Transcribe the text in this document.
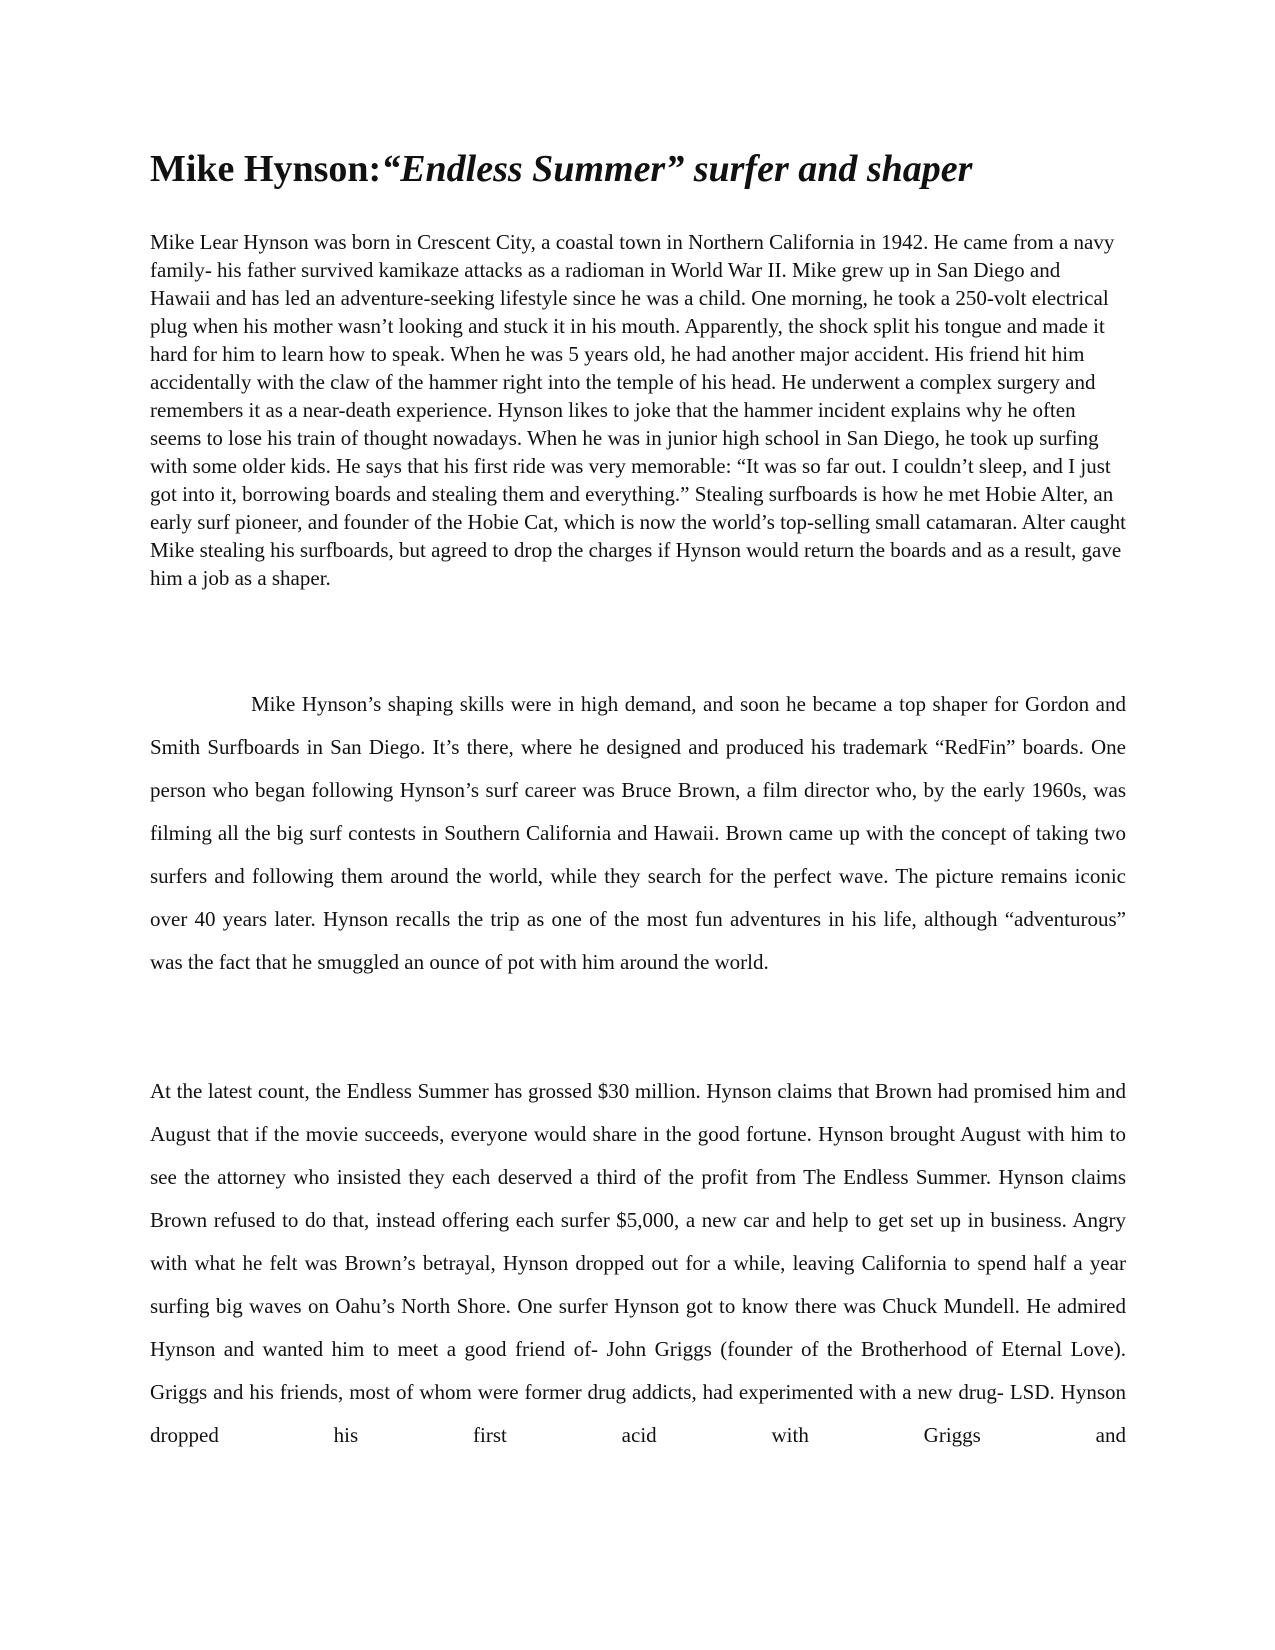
Mike Hynson:“Endless Summer” surfer and shaper

Mike Lear Hynson was born in Crescent City, a coastal town in Northern California in 1942. He came from a navy family- his father survived kamikaze attacks as a radioman in World War II. Mike grew up in San Diego and Hawaii and has led an adventure-seeking lifestyle since he was a child. One morning, he took a 250-volt electrical plug when his mother wasn’t looking and stuck it in his mouth. Apparently, the shock split his tongue and made it hard for him to learn how to speak. When he was 5 years old, he had another major accident. His friend hit him accidentally with the claw of the hammer right into the temple of his head. He underwent a complex surgery and remembers it as a near-death experience. Hynson likes to joke that the hammer incident explains why he often seems to lose his train of thought nowadays. When he was in junior high school in San Diego, he took up surfing with some older kids. He says that his first ride was very memorable: “It was so far out. I couldn’t sleep, and I just got into it, borrowing boards and stealing them and everything.” Stealing surfboards is how he met Hobie Alter, an early surf pioneer, and founder of the Hobie Cat, which is now the world’s top-selling small catamaran. Alter caught Mike stealing his surfboards, but agreed to drop the charges if Hynson would return the boards and as a result, gave him a job as a shaper.

Mike Hynson’s shaping skills were in high demand, and soon he became a top shaper for Gordon and Smith Surfboards in San Diego. It’s there, where he designed and produced his trademark “RedFin” boards. One person who began following Hynson’s surf career was Bruce Brown, a film director who, by the early 1960s, was filming all the big surf contests in Southern California and Hawaii. Brown came up with the concept of taking two surfers and following them around the world, while they search for the perfect wave. The picture remains iconic over 40 years later. Hynson recalls the trip as one of the most fun adventures in his life, although “adventurous” was the fact that he smuggled an ounce of pot with him around the world.

At the latest count, the Endless Summer has grossed $30 million. Hynson claims that Brown had promised him and August that if the movie succeeds, everyone would share in the good fortune. Hynson brought August with him to see the attorney who insisted they each deserved a third of the profit from The Endless Summer. Hynson claims Brown refused to do that, instead offering each surfer $5,000, a new car and help to get set up in business. Angry with what he felt was Brown’s betrayal, Hynson dropped out for a while, leaving California to spend half a year surfing big waves on Oahu’s North Shore. One surfer Hynson got to know there was Chuck Mundell. He admired Hynson and wanted him to meet a good friend of- John Griggs (founder of the Brotherhood of Eternal Love). Griggs and his friends, most of whom were former drug addicts, had experimented with a new drug- LSD. Hynson dropped his first acid with Griggs and
